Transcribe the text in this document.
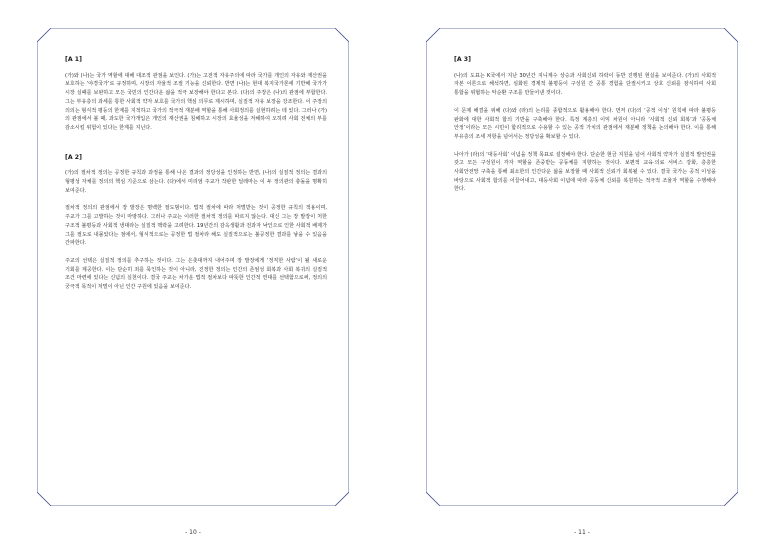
[A 1]

(가)와 (나)는 국가 역할에 대해 대조적 관점을 보인다. (가)는 고전적 자유주의에 따라 국가를 개인의 자유와 재산권을 보호하는 ‘야경국가’로 규정하며, 시장의 자율적 조절 기능을 신뢰한다. 반면 (나)는 현대 복지국가론에 기반해 국가가 시장 실패를 보완하고 모든 국민의 인간다운 삶을 적극 보장해야 한다고 본다. (다)의 주장은 (나)의 관점에 부합한다. 그는 부유층의 과세를 통한 사회적 약자 보호를 국가의 핵심 의무로 제시하며, 실질적 자유 보장을 강조한다. 이 주장의 의의는 형식적 평등의 한계를 지적하고 국가의 적극적 재분배 역할을 통해 사회정의를 실현하려는 데 있다. 그러나 (가)의 관점에서 볼 때, 과도한 국가개입은 개인의 재산권을 침해하고 시장의 효율성을 저해하여 오히려 사회 전체의 부를 감소시킬 위험이 있다는 한계를 지닌다.

[A 2]

(가)의 절차적 정의는 공정한 규칙과 과정을 통해 나온 결과의 정당성을 인정하는 반면, (나)의 실질적 정의는 결과의 형평성 자체를 정의의 핵심 기준으로 삼는다. (다)에서 미리엄 주교가 작판한 딜레마는 이 두 정의관의 충돌을 명확히 보여준다.

절차적 정의의 관점에서 장 발장은 명백한 절도범이다. 법적 절차에 따라 처벌받는 것이 공정한 규칙의 적용이며, 주교가 그를 고발하는 것이 마땅하다. 그러나 주교는 이러한 절차적 정의를 따르지 않는다. 대신 그는 장 발장이 처한 구조적 불평등과 사회적 냉대라는 실질적 맥락을 고려한다. 19년간의 감옥생활과 전과자 낙인으로 인한 사회적 배제가 그를 절도로 내몰았다는 점에서, 형식적으로는 공정한 법 절차라 해도 실질적으로는 불공정한 결과를 낳을 수 있음을 간파한다.

주교의 선택은 실질적 정의를 추구하는 것이다. 그는 은촛대까지 내어주며 장 발장에게 ‘정직한 사람’이 될 새로운 기회를 제공한다. 이는 단순히 죄를 묵인하는 것이 아니라, 진정한 정의는 인간의 존엄성 회복과 사회 복귀의 실질적 조건 마련에 있다는 신념의 실천이다. 결국 주교는 차가운 법적 절차보다 따뜻한 인간적 연대를 선택함으로써, 정의의 궁극적 목적이 처벌이 아닌 인간 구원에 있음을 보여준다.

- 10 -
[A 3]

(나)의 도표는 K국에서 지난 30년간 지니계수 상승과 사회신뢰 하락이 동반 진행된 현실을 보여준다. (가)의 사회적 자본 이론으로 해석하면, 심화된 경제적 불평등이 구성원 간 공통 경험을 단절시키고 상호 신뢰를 잠식하여 사회 통합을 위협하는 악순환 구조를 만들어낸 것이다.

이 문제 해결을 위해 (다)와 (라)의 논리를 종합적으로 활용해야 한다. 먼저 (다)의 ‘공적 이성’ 원칙에 따라 불평등 완화에 대한 사회적 합의 기반을 구축해야 한다. 특정 계층의 이익 차원이 아니라 ‘사회적 신뢰 회복’과 ‘공동체 안정’이라는 모든 시민이 합리적으로 수용할 수 있는 공적 가치의 관점에서 재분배 정책을 논의해야 한다. 이를 통해 부유층의 조세 저항을 넘어서는 정당성을 확보할 수 있다.

나아가 (라)의 ‘대등사회’ 이념을 정책 목표로 설정해야 한다. 단순한 현금 지원을 넘어 사회적 약자가 실질적 발언권을 갖고 모든 구성원이 각자 역할을 존중받는 공동체를 지향하는 것이다. 보편적 교육·의료 서비스 강화, 층층한 사회안전망 구축을 통해 최소한의 인간다운 삶을 보장할 때 사회적 신뢰가 회복될 수 있다. 결국 국가는 공적 이성을 바탕으로 사회적 합의를 이끌어내고, 대등사회 이념에 따라 공동체 신뢰를 복원하는 적극적 조율자 역할을 수행해야 한다.

- 11 -
